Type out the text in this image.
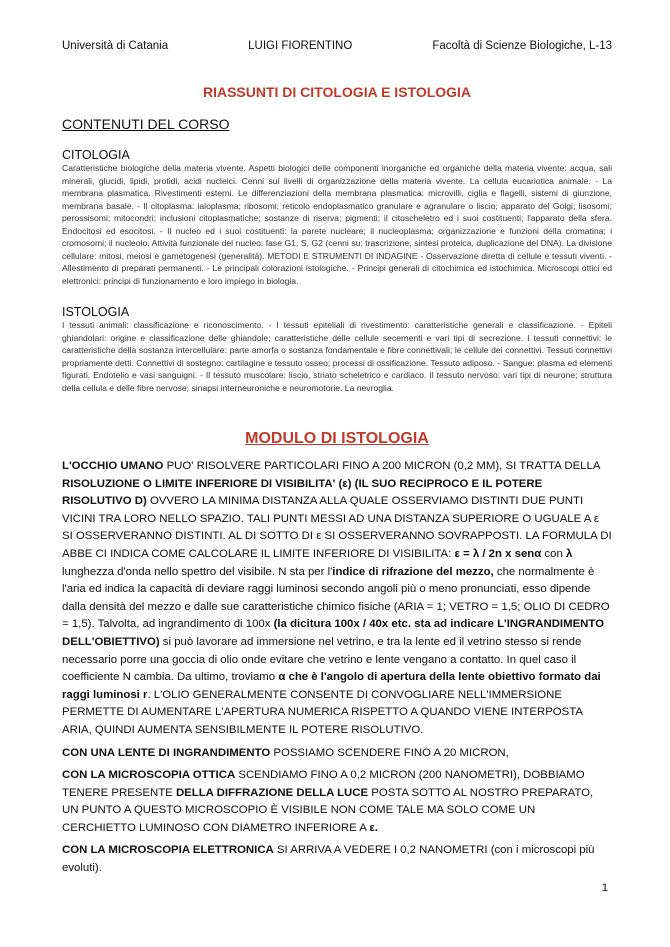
Università di Catania	LUIGI FIORENTINO	Facoltà di Scienze Biologiche, L-13
RIASSUNTI DI CITOLOGIA E ISTOLOGIA
CONTENUTI DEL CORSO
CITOLOGIA
Caratteristiche biologiche della materia vivente. Aspetti biologici delle componenti inorganiche ed organiche della materia vivente: acqua, sali minerali, glucidi, lipidi, protidi, acidi nucleici. Cenni sui livelli di organizzazione della materia vivente. La cellula eucariotica animale. - La membrana plasmatica. Rivestimenti esterni. Le differenziazioni della membrana plasmatica: microvilli, ciglia e flagelli, sistemi di giunzione, membrana basale. - Il citoplasma: ialoplasma; ribosomi; reticolo endoplasmatico granulare e agranulare o liscio; apparato del Golgi; lisosomi; perossisomi; mitocondri; inclusioni citoplasmatiche; sostanze di riserva; pigmenti; il citoscheletro ed i suoi costituenti; l'apparato della sfera. Endocitosi ed esocitosi. - Il nucleo ed i suoi costituenti: la parete nucleare; il nucleoplasma; organizzazione e funzioni della cromatina; i cromosomi; il nucleolo. Attività funzionale del nucleo: fase G1, S, G2 (cenni su: trascrizione, sintesi proteica, duplicazione del DNA). La divisione cellulare: mitosi, meiosi e gametogenesi (generalità). METODI E STRUMENTI DI INDAGINE - Osservazione diretta di cellule e tessuti viventi. - Allestimento di preparati permanenti. - Le principali colorazioni istologiche. - Principi generali di citochimica ed istochimica. Microscopi ottici ed elettronici: principi di funzionamento e loro impiego in biologia.
ISTOLOGIA
I tessuti animali: classificazione e riconoscimento. - I tessuti epiteliali di rivestimento: caratteristiche generali e classificazione. - Epiteli ghiandolari: origine e classificazione delle ghiandole; caratteristiche delle cellule secernenti e vari tipi di secrezione. I tessuti connettivi: le caratteristiche della sostanza intercellulare: parte amorfa o sostanza fondamentale e fibre connettivali; le cellule dei connettivi. Tessuti connettivi propriamente detti. Connettivi di sostegno: cartilagine e tessuto osseo; processi di ossificazione. Tessuto adiposo. - Sangue: plasma ed elementi figurati. Endotelio e vasi sanguigni. - Il tessuto muscolare: liscio, striato scheletrico e cardiaco. Il tessuto nervoso: vari tipi di neurone; struttura della cellula e delle fibre nervose; sinapsi interneuroniche e neuromotorie. La nevroglia.
MODULO DI ISTOLOGIA

L'OCCHIO UMANO PUO' RISOLVERE PARTICOLARI FINO A 200 MICRON (0,2 MM), SI TRATTA DELLA RISOLUZIONE O LIMITE INFERIORE DI VISIBILITA' (ε) (IL SUO RECIPROCO E IL POTERE RISOLUTIVO D) OVVERO LA MINIMA DISTANZA ALLA QUALE OSSERVIAMO DISTINTI DUE PUNTI VICINI TRA LORO NELLO SPAZIO. TALI PUNTI MESSI AD UNA DISTANZA SUPERIORE O UGUALE A ε SI OSSERVERANNO DISTINTI. AL DI SOTTO DI ε SI OSSERVERANNO SOVRAPPOSTI. LA FORMULA DI ABBE CI INDICA COME CALCOLARE IL LIMITE INFERIORE DI VISIBILITA: ε = λ / 2n x senα con λ lunghezza d'onda nello spettro del visibile. N sta per l'indice di rifrazione del mezzo, che normalmente è l'aria ed indica la capacità di deviare raggi luminosi secondo angoli più o meno pronunciati, esso dipende dalla densità del mezzo e dalle sue caratteristiche chimico fisiche (ARIA = 1; VETRO = 1,5; OLIO DI CEDRO = 1,5). Talvolta, ad ingrandimento di 100x (la dicitura 100x / 40x etc. sta ad indicare L'INGRANDIMENTO DELL'OBIETTIVO) si può lavorare ad immersione nel vetrino, e tra la lente ed il vetrino stesso si rende necessario porre una goccia di olio onde evitare che vetrino e lente vengano a contatto. In quel caso il coefficiente N cambia. Da ultimo, troviamo α che è l'angolo di apertura della lente obiettivo formato dai raggi luminosi r. L'OLIO GENERALMENTE CONSENTE DI CONVOGLIARE NELL'IMMERSIONE PERMETTE DI AUMENTARE L'APERTURA NUMERICA RISPETTO A QUANDO VIENE INTERPOSTA ARIA, QUINDI AUMENTA SENSIBILMENTE IL POTERE RISOLUTIVO.

CON UNA LENTE DI INGRANDIMENTO POSSIAMO SCENDERE FINO A 20 MICRON,

CON LA MICROSCOPIA OTTICA SCENDIAMO FINO A 0,2 MICRON (200 NANOMETRI), DOBBIAMO TENERE PRESENTE DELLA DIFFRAZIONE DELLA LUCE POSTA SOTTO AL NOSTRO PREPARATO, UN PUNTO A QUESTO MICROSCOPIO È VISIBILE NON COME TALE MA SOLO COME UN CERCHIETTO LUMINOSO CON DIAMETRO INFERIORE A ε.

CON LA MICROSCOPIA ELETTRONICA SI ARRIVA A VEDERE I 0,2 NANOMETRI (con i microscopi più evoluti).

1
